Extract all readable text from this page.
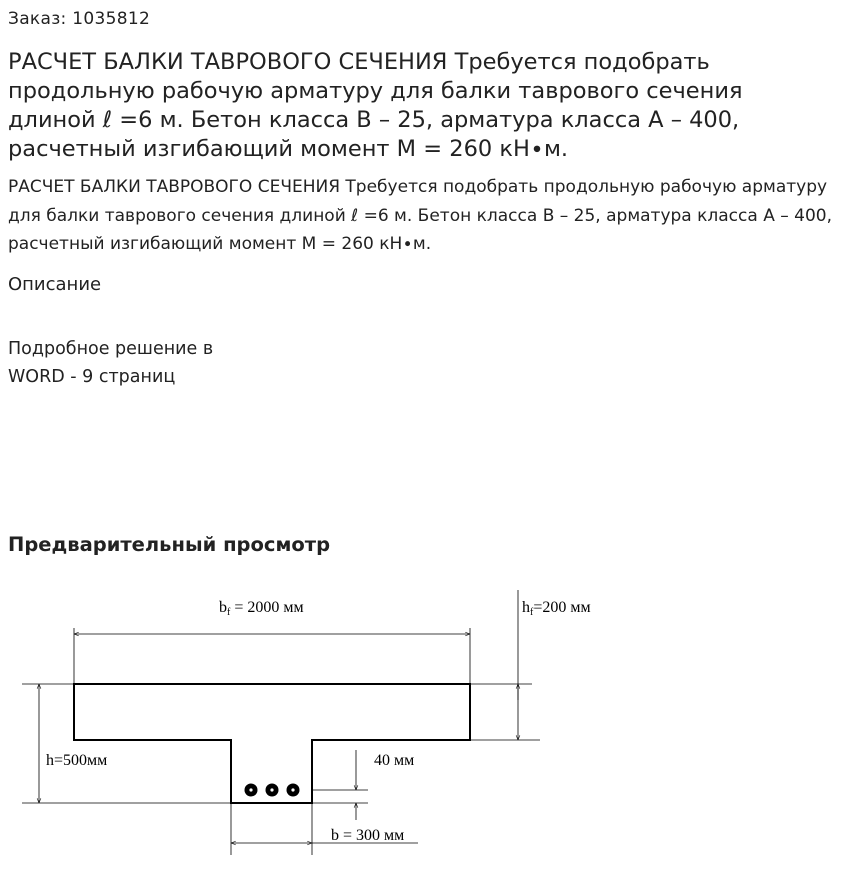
Заказ: 1035812
РАСЧЕТ БАЛКИ ТАВРОВОГО СЕЧЕНИЯ Требуется подобрать продольную рабочую арматуру для балки таврового сечения длиной ℓ =6 м. Бетон класса В – 25, арматура класса А – 400, расчетный изгибающий момент М = 260 кН∙м.

РАСЧЕТ БАЛКИ ТАВРОВОГО СЕЧЕНИЯ Требуется подобрать продольную рабочую арматуру для балки таврового сечения длиной ℓ =6 м. Бетон класса В – 25, арматура класса А – 400, расчетный изгибающий момент М = 260 кН∙м.

Описание
Подробное решение в
WORD - 9 страниц
Предварительный просмотр
bf = 2000 мм	hf=200 мм
h=500мм	40 мм
b = 300 мм
